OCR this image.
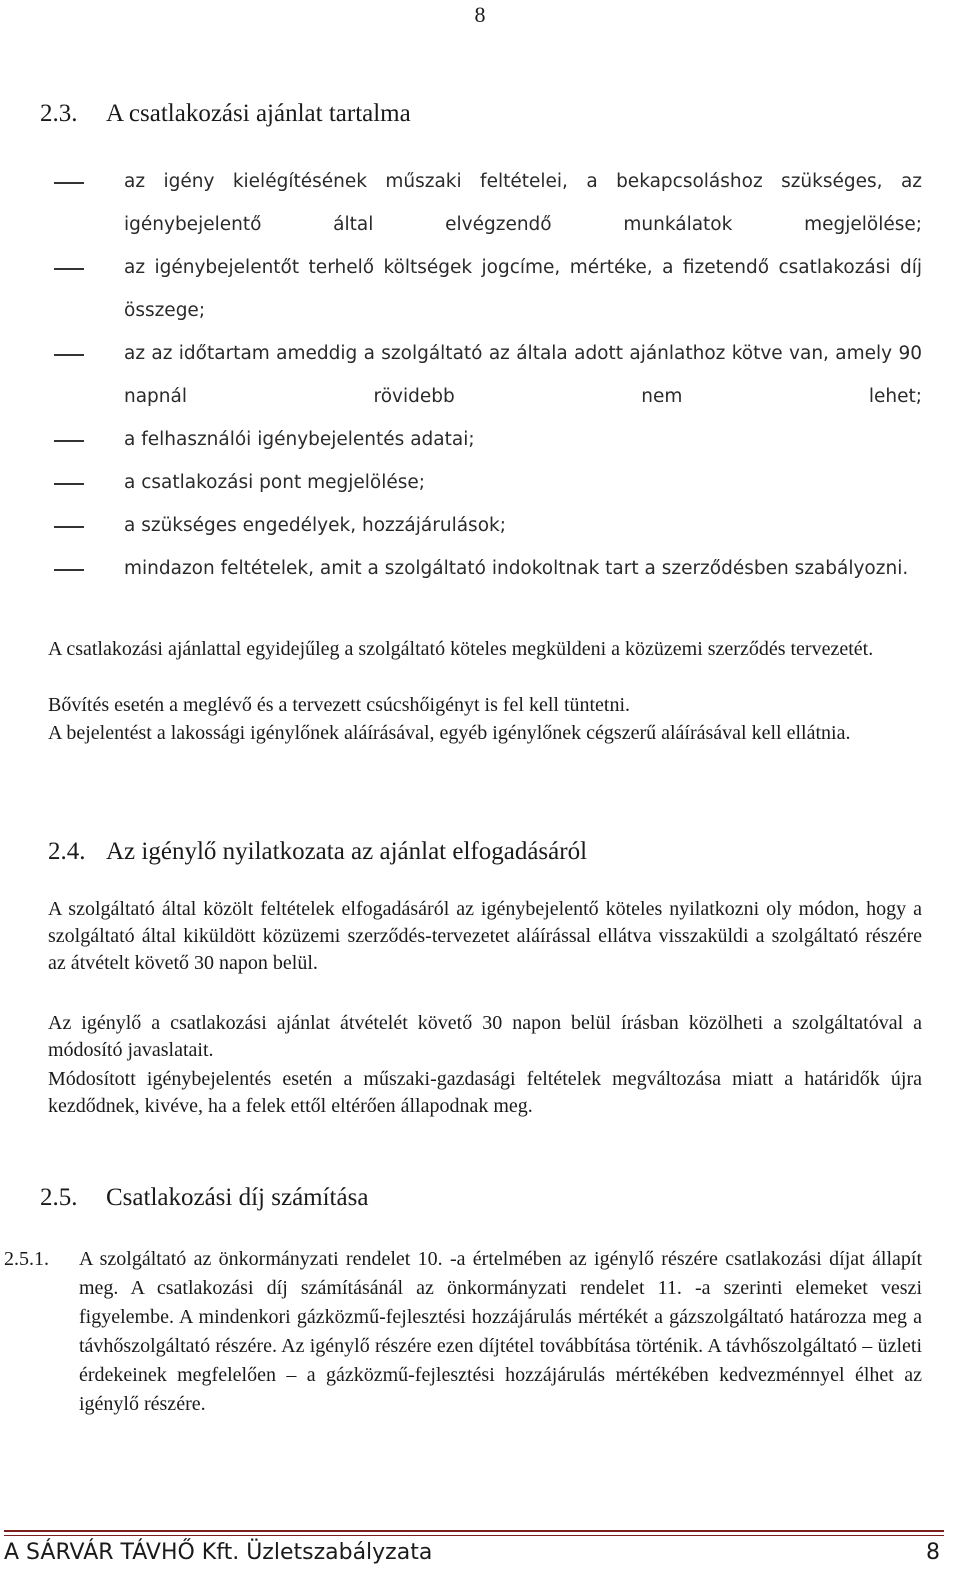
8
2.3. A csatlakozási ajánlat tartalma
az igény kielégítésének műszaki feltételei, a bekapcsoláshoz szükséges, az igénybejelentő által elvégzendő munkálatok megjelölése;
az igénybejelentőt terhelő költségek jogcíme, mértéke, a fizetendő csatlakozási díj összege;
az az időtartam ameddig a szolgáltató az általa adott ajánlathoz kötve van, amely 90 napnál rövidebb nem lehet;
a felhasználói igénybejelentés adatai;
a csatlakozási pont megjelölése;
a szükséges engedélyek, hozzájárulások;
mindazon feltételek, amit a szolgáltató indokoltnak tart a szerződésben szabályozni.
A csatlakozási ajánlattal egyidejűleg a szolgáltató köteles megküldeni a közüzemi szerződés tervezetét.
Bővítés esetén a meglévő és a tervezett csúcshőigényt is fel kell tüntetni.
A bejelentést a lakossági igénylőnek aláírásával, egyéb igénylőnek cégszerű aláírásával kell ellátnia.
2.4. Az igénylő nyilatkozata az ajánlat elfogadásáról
A szolgáltató által közölt feltételek elfogadásáról az igénybejelentő köteles nyilatkozni oly módon, hogy a szolgáltató által kiküldött közüzemi szerződés-tervezetet aláírással ellátva visszaküldi a szolgáltató részére az átvételt követő 30 napon belül.
Az igénylő a csatlakozási ajánlat átvételét követő 30 napon belül írásban közölheti a szolgáltatóval a módosító javaslatait.
Módosított igénybejelentés esetén a műszaki-gazdasági feltételek megváltozása miatt a határidők újra kezdődnek, kivéve, ha a felek ettől eltérően állapodnak meg.
2.5. Csatlakozási díj számítása
2.5.1. A szolgáltató az önkormányzati rendelet 10. -a értelmében az igénylő részére csatlakozási díjat állapít meg. A csatlakozási díj számításánál az önkormányzati rendelet 11. -a szerinti elemeket veszi figyelembe. A mindenkori gázközmű-fejlesztési hozzájárulás mértékét a gázszolgáltató határozza meg a távhőszolgáltató részére. Az igénylő részére ezen díjtétel továbbítása történik. A távhőszolgáltató – üzleti érdekeinek megfelelően – a gázközmű-fejlesztési hozzájárulás mértékében kedvezménnyel élhet az igénylő részére.
A SÁRVÁR TÁVHŐ Kft. Üzletszabályzata	8
